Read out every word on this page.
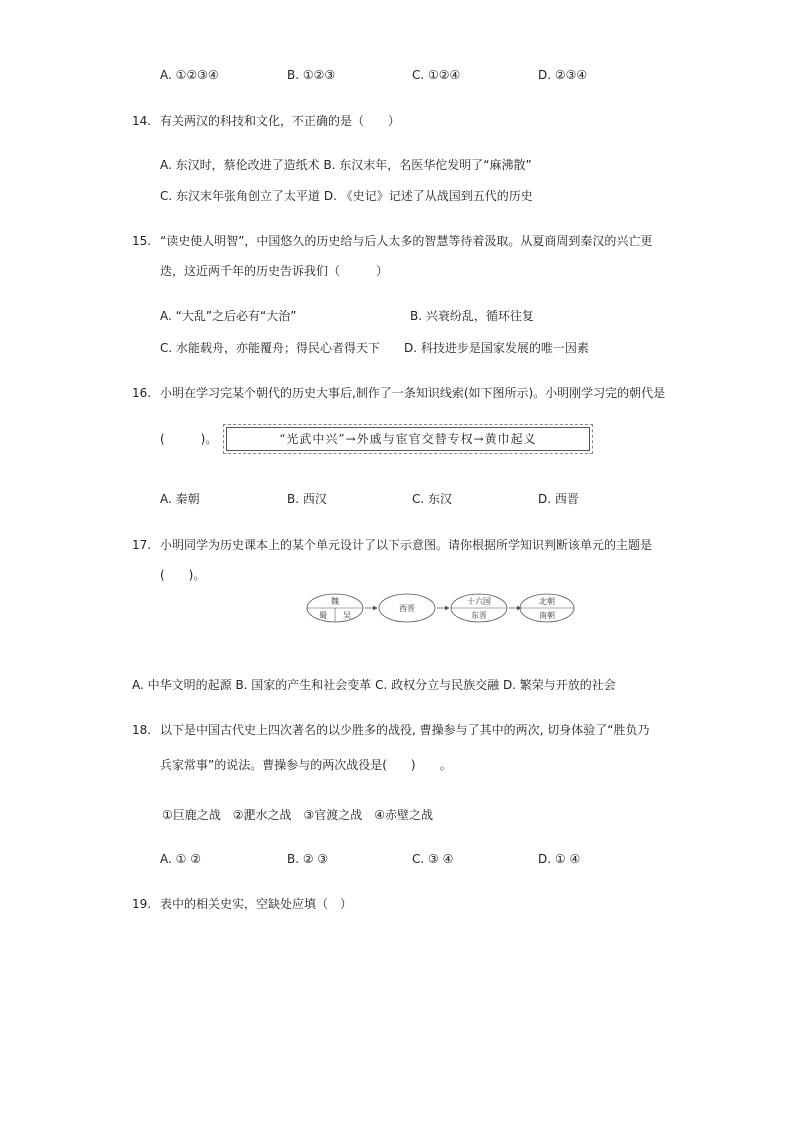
A. ①②③④	B. ①②③	C. ①②④	D. ②③④
14. 有关两汉的科技和文化，不正确的是（　　）
A. 东汉时，蔡伦改进了造纸术 B. 东汉末年，名医华佗发明了“麻沸散”
C. 东汉末年张角创立了太平道 D. 《史记》记述了从战国到五代的历史
15. “读史使人明智”，中国悠久的历史给与后人太多的智慧等待着汲取。从夏商周到秦汉的兴亡更
迭，这近两千年的历史告诉我们（　　　）
A. “大乱”之后必有“大治”	B. 兴衰纷乱，循环往复
C. 水能载舟，亦能覆舟；得民心者得天下 D. 科技进步是国家发展的唯一因素
16. 小明在学习完某个朝代的历史大事后,制作了一条知识线索(如下图所示)。小明刚学习完的朝代是
(　　　)。	“光武中兴”→外戚与宦官交替专权→黄巾起义
A. 秦朝	B. 西汉	C. 东汉	D. 西晋
17. 小明同学为历史课本上的某个单元设计了以下示意图。请你根据所学知识判断该单元的主题是
(　　)。
魏
蜀 吴
西晋
十六国
东晋
北朝
南朝
A. 中华文明的起源 B. 国家的产生和社会变革 C. 政权分立与民族交融 D. 繁荣与开放的社会
18. 以下是中国古代史上四次著名的以少胜多的战役, 曹操参与了其中的两次, 切身体验了“胜负乃
兵家常事”的说法。曹操参与的两次战役是(　　)　　。
①巨鹿之战　②淝水之战　③官渡之战　④赤壁之战
A. ① ②	B. ② ③	C. ③ ④	D. ① ④
19. 表中的相关史实，空缺处应填（　）
